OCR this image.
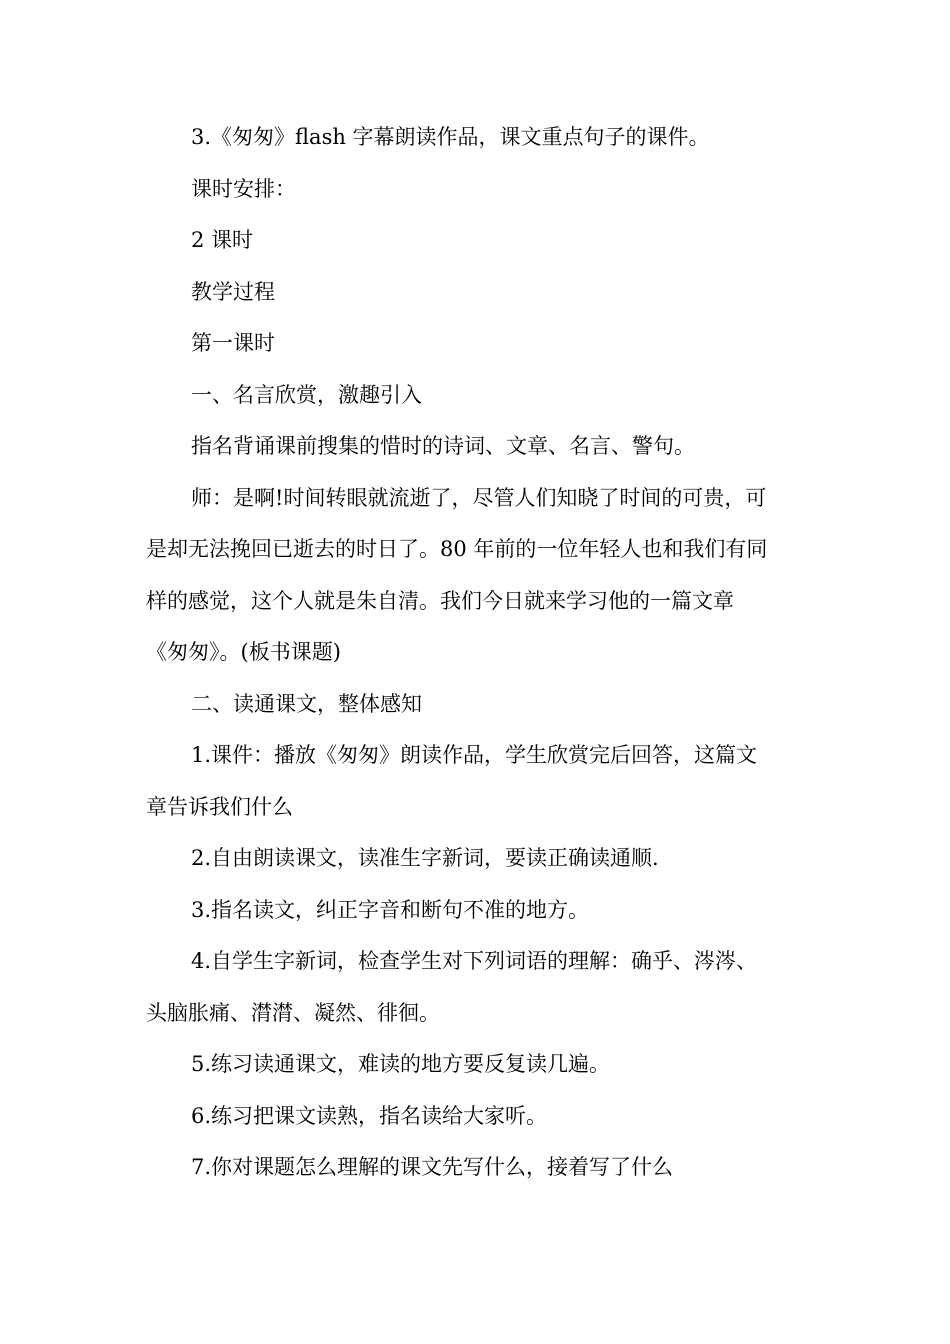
3.《匆匆》flash 字幕朗读作品，课文重点句子的课件。

课时安排：

2 课时

教学过程

第一课时

一、名言欣赏，激趣引入

指名背诵课前搜集的惜时的诗词、文章、名言、警句。

师：是啊!时间转眼就流逝了，尽管人们知晓了时间的可贵，可
是却无法挽回已逝去的时日了。80 年前的一位年轻人也和我们有同
样的感觉，这个人就是朱自清。我们今日就来学习他的一篇文章
《匆匆》。(板书课题)

二、读通课文，整体感知

1.课件：播放《匆匆》朗读作品，学生欣赏完后回答，这篇文
章告诉我们什么

2.自由朗读课文，读准生字新词，要读正确读通顺.

3.指名读文，纠正字音和断句不准的地方。

4.自学生字新词，检查学生对下列词语的理解：确乎、涔涔、
头脑胀痛、潸潸、凝然、徘徊。

5.练习读通课文，难读的地方要反复读几遍。

6.练习把课文读熟，指名读给大家听。

7.你对课题怎么理解的课文先写什么，接着写了什么
